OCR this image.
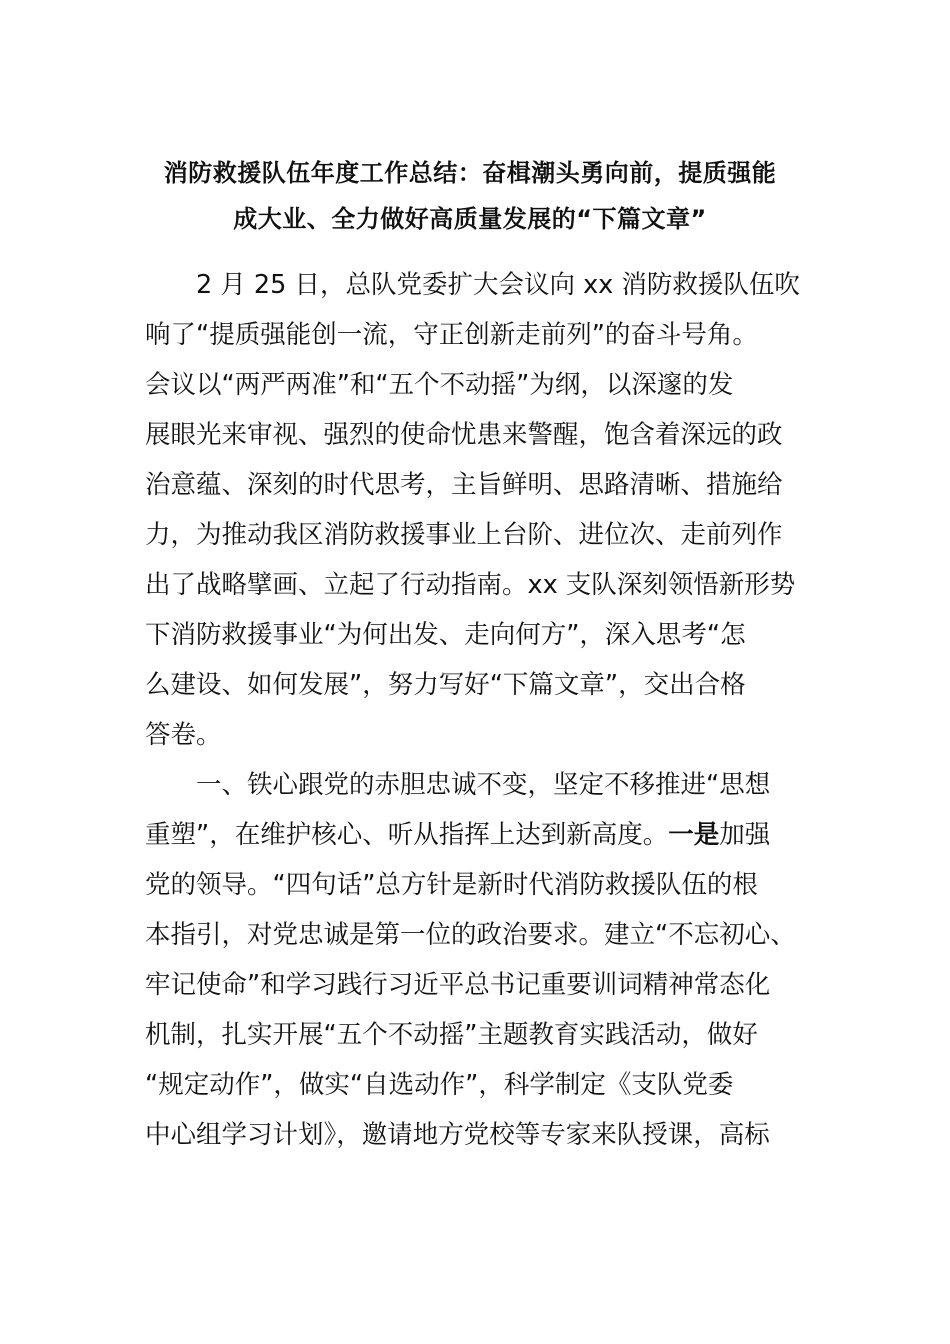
消防救援队伍年度工作总结：奋楫潮头勇向前，提质强能
成大业、全力做好高质量发展的“下篇文章”

2 月 25 日，总队党委扩大会议向 xx 消防救援队伍吹
响了“提质强能创一流，守正创新走前列”的奋斗号角。
会议以“两严两准”和“五个不动摇”为纲，以深邃的发
展眼光来审视、强烈的使命忧患来警醒，饱含着深远的政
治意蕴、深刻的时代思考，主旨鲜明、思路清晰、措施给
力，为推动我区消防救援事业上台阶、进位次、走前列作
出了战略擘画、立起了行动指南。xx 支队深刻领悟新形势
下消防救援事业“为何出发、走向何方”，深入思考“怎
么建设、如何发展”，努力写好“下篇文章”，交出合格
答卷。

一、铁心跟党的赤胆忠诚不变，坚定不移推进“思想
重塑”，在维护核心、听从指挥上达到新高度。一是加强
党的领导。“四句话”总方针是新时代消防救援队伍的根
本指引，对党忠诚是第一位的政治要求。建立“不忘初心、
牢记使命”和学习践行习近平总书记重要训词精神常态化
机制，扎实开展“五个不动摇”主题教育实践活动，做好
“规定动作”，做实“自选动作”，科学制定《支队党委
中心组学习计划》，邀请地方党校等专家来队授课，高标
